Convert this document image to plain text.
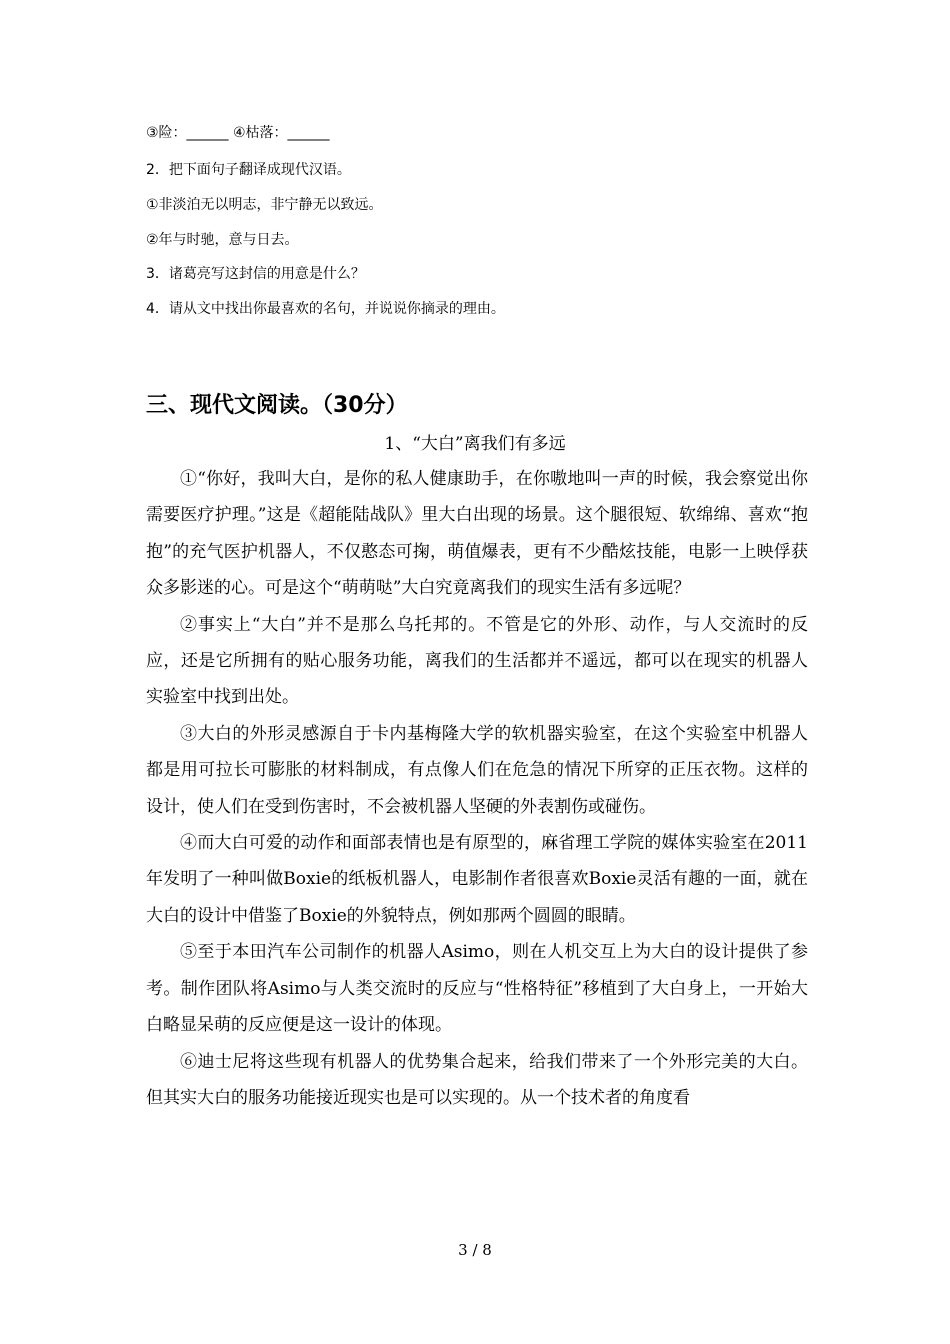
③险：______ ④枯落：______
2．把下面句子翻译成现代汉语。
①非淡泊无以明志，非宁静无以致远。
②年与时驰，意与日去。
3．诸葛亮写这封信的用意是什么？
4．请从文中找出你最喜欢的名句，并说说你摘录的理由。
三、现代文阅读。（30分）
1、“大白”离我们有多远

①“你好，我叫大白，是你的私人健康助手，在你嗷地叫一声的时候，我会察觉出你需要医疗护理。”这是《超能陆战队》里大白出现的场景。这个腿很短、软绵绵、喜欢“抱抱”的充气医护机器人，不仅憨态可掬，萌值爆表，更有不少酷炫技能，电影一上映俘获众多影迷的心。可是这个“萌萌哒”大白究竟离我们的现实生活有多远呢？

②事实上“大白”并不是那么乌托邦的。不管是它的外形、动作，与人交流时的反应，还是它所拥有的贴心服务功能，离我们的生活都并不遥远，都可以在现实的机器人实验室中找到出处。

③大白的外形灵感源自于卡内基梅隆大学的软机器实验室，在这个实验室中机器人都是用可拉长可膨胀的材料制成，有点像人们在危急的情况下所穿的正压衣物。这样的设计，使人们在受到伤害时，不会被机器人坚硬的外表割伤或碰伤。

④而大白可爱的动作和面部表情也是有原型的，麻省理工学院的媒体实验室在2011年发明了一种叫做Boxie的纸板机器人，电影制作者很喜欢Boxie灵活有趣的一面，就在大白的设计中借鉴了Boxie的外貌特点，例如那两个圆圆的眼睛。

⑤至于本田汽车公司制作的机器人Asimo，则在人机交互上为大白的设计提供了参考。制作团队将Asimo与人类交流时的反应与“性格特征”移植到了大白身上，一开始大白略显呆萌的反应便是这一设计的体现。

⑥迪士尼将这些现有机器人的优势集合起来，给我们带来了一个外形完美的大白。但其实大白的服务功能接近现实也是可以实现的。从一个技术者的角度看

3 / 8
